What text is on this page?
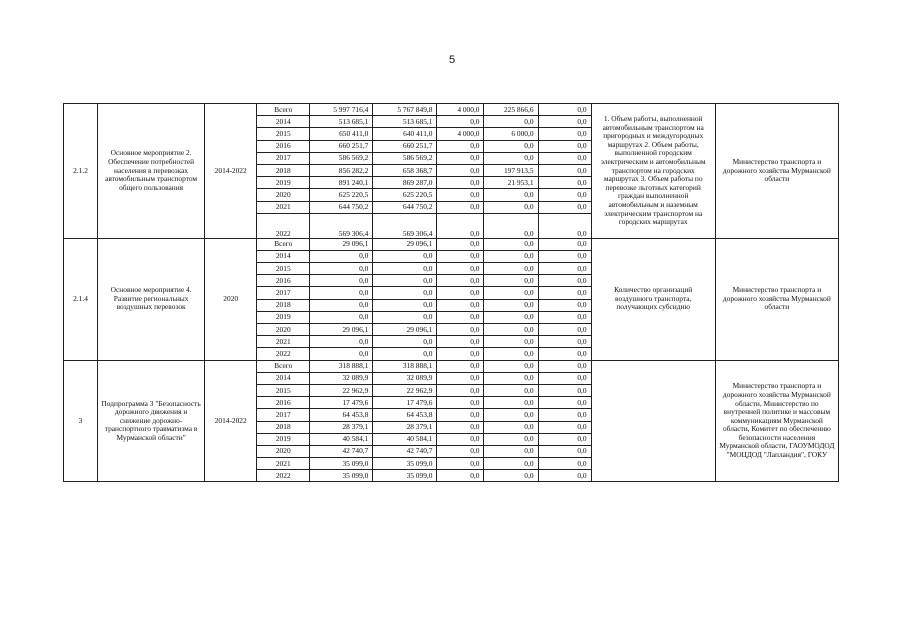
5
2.1.2	Основное мероприятие 2. Обеспечение потребностей населения в перевозках автомобильным транспортом общего пользования	2014-2022	Всего	5 997 716,4	5 767 849,8	4 000,0	225 866,6	0,0	1. Объем работы, выполненной автомобильным транспортом на пригородных и междугородных маршрутах 2. Объем работы, выполненной городским электрическим и автомобильным транспортом на городских маршрутах 3. Объем работы по перевозке льготных категорий граждан выполненной автомобильным и наземным электрическим транспортом на городских маршрутах	Министерство транспорта и дорожного хозяйства Мурманской области
			2014	513 685,1	513 685,1	0,0	0,0	0,0		
			2015	650 411,0	640 411,0	4 000,0	6 000,0	0,0		
			2016	660 251,7	660 251,7	0,0	0,0	0,0		
			2017	586 569,2	586 569,2	0,0	0,0	0,0		
			2018	856 282,2	658 368,7	0,0	197 913,5	0,0		
			2019	891 240,1	869 287,0	0,0	21 953,1	0,0		
			2020	625 220,5	625 220,5	0,0	0,0	0,0		
			2021	644 750,2	644 750,2	0,0	0,0	0,0		
			2022	569 306,4	569 306,4	0,0	0,0	0,0		
2.1.4	Основное мероприятие 4. Развитие региональных воздушных перевозок	2020	Всего	29 096,1	29 096,1	0,0	0,0	0,0	Количество организаций воздушного транспорта, получающих субсидию	Министерство транспорта и дорожного хозяйства Мурманской области
			2014	0,0	0,0	0,0	0,0	0,0		
			2015	0,0	0,0	0,0	0,0	0,0		
			2016	0,0	0,0	0,0	0,0	0,0		
			2017	0,0	0,0	0,0	0,0	0,0		
			2018	0,0	0,0	0,0	0,0	0,0		
			2019	0,0	0,0	0,0	0,0	0,0		
			2020	29 096,1	29 096,1	0,0	0,0	0,0		
			2021	0,0	0,0	0,0	0,0	0,0		
			2022	0,0	0,0	0,0	0,0	0,0		
3	Подпрограмма 3 "Безопасность дорожного движения и снижение дорожно-транспортного травматизма в Мурманской области"	2014-2022	Всего	318 888,1	318 888,1	0,0	0,0	0,0		Министерство транспорта и дорожного хозяйства Мурманской области, Министерство по внутренней политике и массовым коммуникациям Мурманской области, Комитет по обеспечению безопасности населения Мурманской области, ГАОУМОДОД "МОЦДОД "Лапландия", ГОКУ
			2014	32 089,9	32 089,9	0,0	0,0	0,0		
			2015	22 962,9	22 962,9	0,0	0,0	0,0		
			2016	17 479,6	17 479,6	0,0	0,0	0,0		
			2017	64 453,8	64 453,8	0,0	0,0	0,0		
			2018	28 379,1	28 379,1	0,0	0,0	0,0		
			2019	40 584,1	40 584,1	0,0	0,0	0,0		
			2020	42 740,7	42 740,7	0,0	0,0	0,0		
			2021	35 099,0	35 099,0	0,0	0,0	0,0		
			2022	35 099,0	35 099,0	0,0	0,0	0,0		
